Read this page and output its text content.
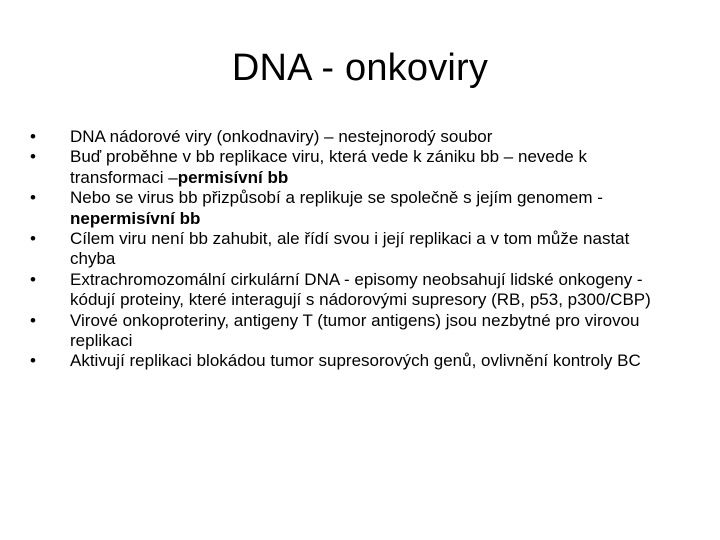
DNA - onkoviry
•	DNA nádorové viry (onkodnaviry) – nestejnorodý soubor
•	Buď proběhne v bb replikace viru, která vede k zániku bb – nevede k transformaci –permisívní bb
•	Nebo se virus bb přizpůsobí a replikuje se společně s jejím genomem - nepermisívní bb
•	Cílem viru není bb zahubit, ale řídí svou i její replikaci a v tom může nastat chyba
•	Extrachromozomální cirkulární DNA - episomy neobsahují lidské onkogeny - kódují proteiny, které interagují s nádorovými supresory (RB, p53, p300/CBP)
•	Virové onkoproteriny, antigeny T (tumor antigens) jsou nezbytné pro virovou replikaci
•	Aktivují replikaci blokádou tumor supresorových genů, ovlivnění kontroly BC
